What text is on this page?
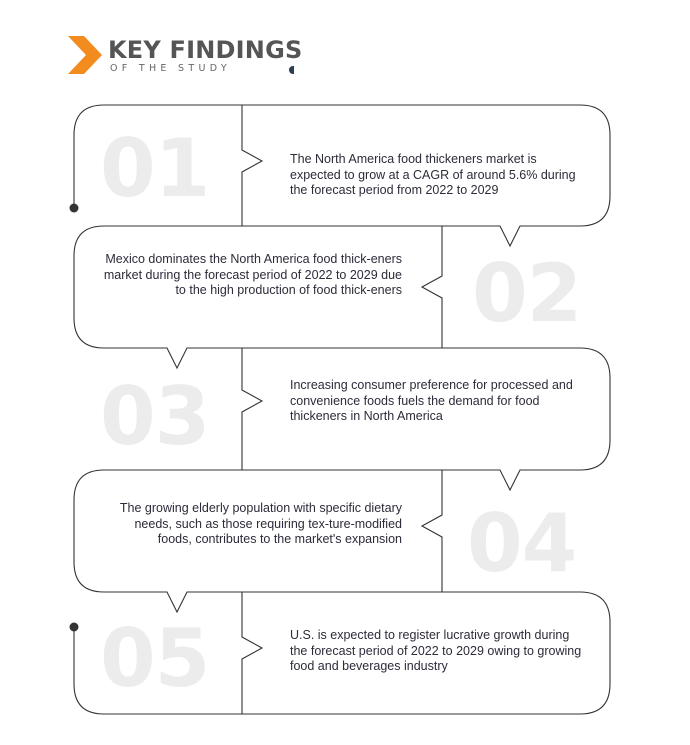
KEY FINDINGS
OF THE STUDY
01	The North America food thickeners market is expected to grow at a CAGR of around 5.6% during the forecast period from 2022 to 2029
02
Mexico dominates the North America food thick-eners market during the forecast period of 2022 to 2029 due to the high production of food thick-eners
03	Increasing consumer preference for processed and convenience foods fuels the demand for food thickeners in North America
04
The growing elderly population with specific dietary needs, such as those requiring tex-ture-modified foods, contributes to the market's expansion
05	U.S. is expected to register lucrative growth during the forecast period of 2022 to 2029 owing to growing food and beverages industry
